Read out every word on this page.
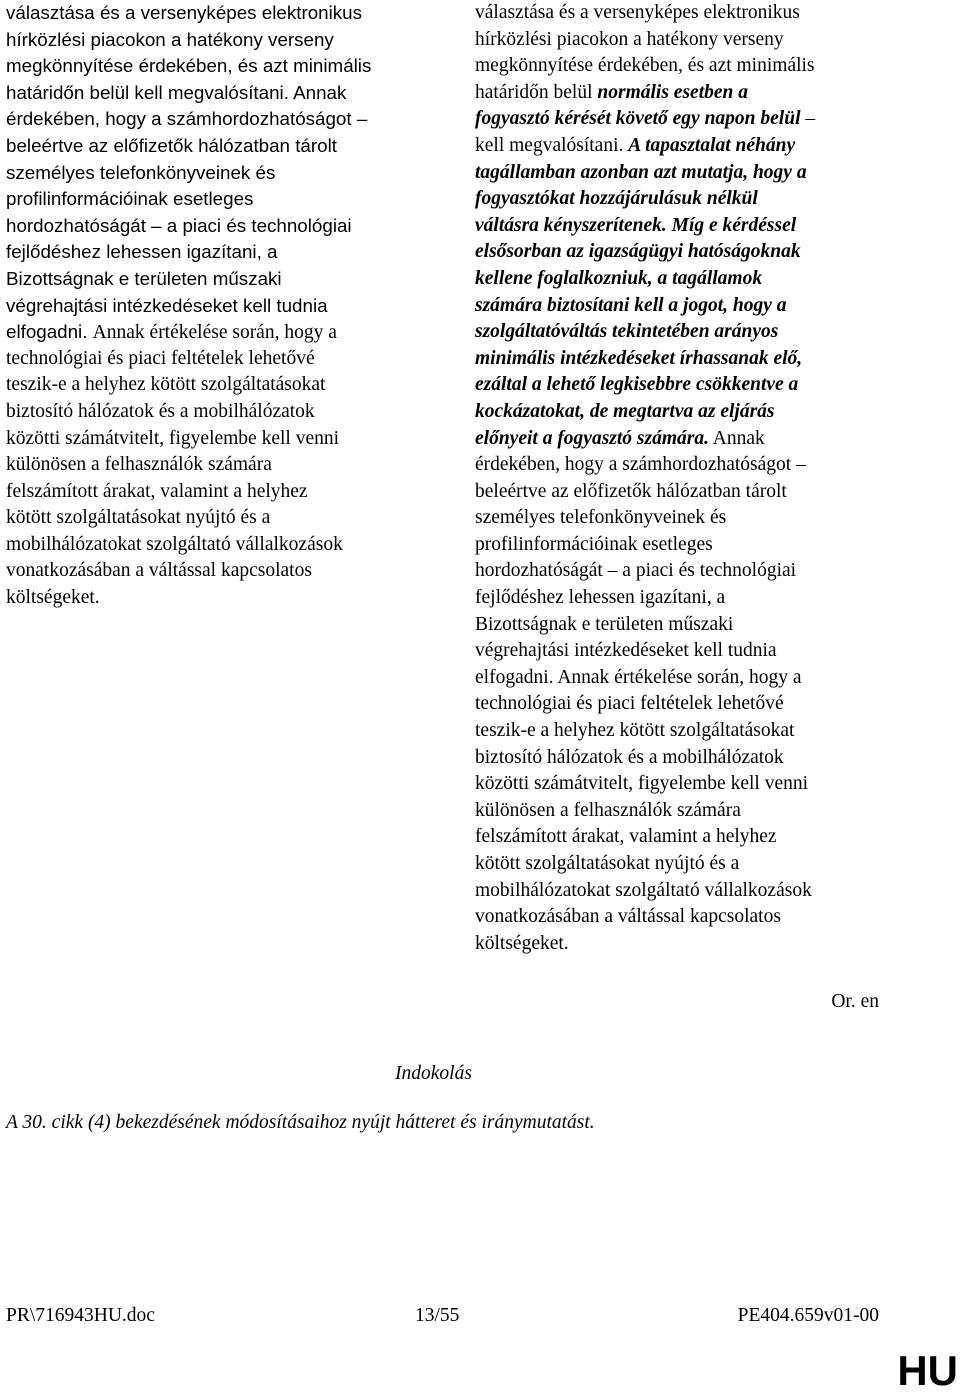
választása és a versenyképes elektronikus
hírközlési piacokon a hatékony verseny
megkönnyítése érdekében, és azt minimális
határidőn belül kell megvalósítani. Annak
érdekében, hogy a számhordozhatóságot –
beleértve az előfizetők hálózatban tárolt
személyes telefonkönyveinek és
profilinformációinak esetleges
hordozhatóságát – a piaci és technológiai
fejlődéshez lehessen igazítani, a
Bizottságnak e területen műszaki
végrehajtási intézkedéseket kell tudnia
elfogadni. Annak értékelése során, hogy a
technológiai és piaci feltételek lehetővé
teszik-e a helyhez kötött szolgáltatásokat
biztosító hálózatok és a mobilhálózatok
közötti számátvitelt, figyelembe kell venni
különösen a felhasználók számára
felszámított árakat, valamint a helyhez
kötött szolgáltatásokat nyújtó és a
mobilhálózatokat szolgáltató vállalkozások
vonatkozásában a váltással kapcsolatos
költségeket.
választása és a versenyképes elektronikus
hírközlési piacokon a hatékony verseny
megkönnyítése érdekében, és azt minimális
határidőn belül normális esetben a
fogyasztó kérését követő egy napon belül –
kell megvalósítani. A tapasztalat néhány
tagállamban azonban azt mutatja, hogy a
fogyasztókat hozzájárulásuk nélkül
váltásra kényszerítenek. Míg e kérdéssel
elsősorban az igazságügyi hatóságoknak
kellene foglalkozniuk, a tagállamok
számára biztosítani kell a jogot, hogy a
szolgáltatóváltás tekintetében arányos
minimális intézkedéseket írhassanak elő,
ezáltal a lehető legkisebbre csökkentve a
kockázatokat, de megtartva az eljárás
előnyeit a fogyasztó számára. Annak
érdekében, hogy a számhordozhatóságot –
beleértve az előfizetők hálózatban tárolt
személyes telefonkönyveinek és
profilinformációinak esetleges
hordozhatóságát – a piaci és technológiai
fejlődéshez lehessen igazítani, a
Bizottságnak e területen műszaki
végrehajtási intézkedéseket kell tudnia
elfogadni. Annak értékelése során, hogy a
technológiai és piaci feltételek lehetővé
teszik-e a helyhez kötött szolgáltatásokat
biztosító hálózatok és a mobilhálózatok
közötti számátvitelt, figyelembe kell venni
különösen a felhasználók számára
felszámított árakat, valamint a helyhez
kötött szolgáltatásokat nyújtó és a
mobilhálózatokat szolgáltató vállalkozások
vonatkozásában a váltással kapcsolatos
költségeket.
Or. en
Indokolás
A 30. cikk (4) bekezdésének módosításaihoz nyújt hátteret és iránymutatást.
PR\716943HU.doc	13/55	PE404.659v01-00
HU
